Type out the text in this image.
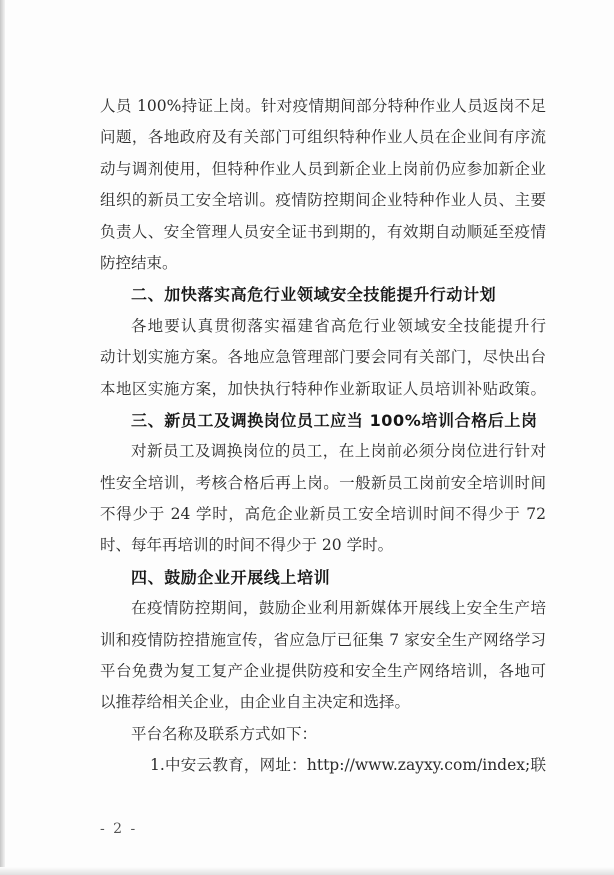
人员 100%持证上岗。针对疫情期间部分特种作业人员返岗不足
问题，各地政府及有关部门可组织特种作业人员在企业间有序流
动与调剂使用，但特种作业人员到新企业上岗前仍应参加新企业
组织的新员工安全培训。疫情防控期间企业特种作业人员、主要
负责人、安全管理人员安全证书到期的，有效期自动顺延至疫情
防控结束。
二、加快落实高危行业领域安全技能提升行动计划
各地要认真贯彻落实福建省高危行业领域安全技能提升行
动计划实施方案。各地应急管理部门要会同有关部门，尽快出台
本地区实施方案，加快执行特种作业新取证人员培训补贴政策。
三、新员工及调换岗位员工应当 100%培训合格后上岗
对新员工及调换岗位的员工，在上岗前必须分岗位进行针对
性安全培训，考核合格后再上岗。一般新员工岗前安全培训时间
不得少于 24 学时，高危企业新员工安全培训时间不得少于 72
时、每年再培训的时间不得少于 20 学时。
四、鼓励企业开展线上培训
在疫情防控期间，鼓励企业利用新媒体开展线上安全生产培
训和疫情防控措施宣传，省应急厅已征集 7 家安全生产网络学习
平台免费为复工复产企业提供防疫和安全生产网络培训，各地可
以推荐给相关企业，由企业自主决定和选择。
平台名称及联系方式如下：
1.中安云教育，网址：http://www.zayxy.com/index;联
- 2 -
